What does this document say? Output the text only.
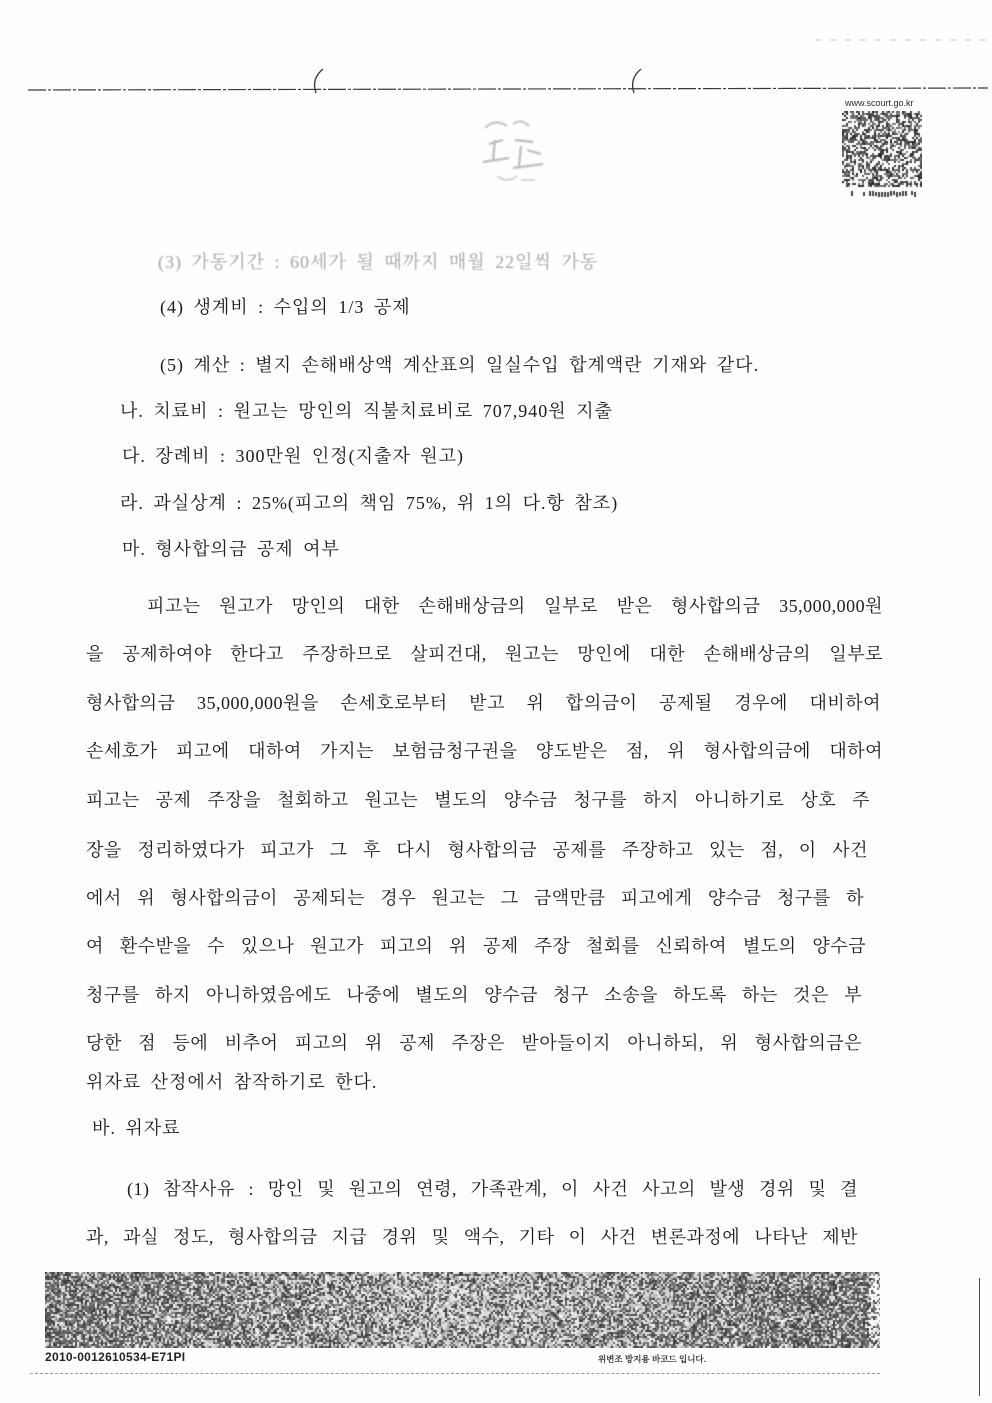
www.scourt.go.kr
(3) 가동기간 : 60세가 될 때까지 매월 22일씩 가동
(4) 생계비 : 수입의 1/3 공제
(5) 계산 : 별지 손해배상액 계산표의 일실수입 합계액란 기재와 같다.
나. 치료비 : 원고는 망인의 직불치료비로 707,940원 지출
다. 장례비 : 300만원 인정(지출자 원고)
라. 과실상계 : 25%(피고의 책임 75%, 위 1의 다.항 참조)
마. 형사합의금 공제 여부
피고는 원고가 망인의 대한 손해배상금의 일부로 받은 형사합의금 35,000,000원
을 공제하여야 한다고 주장하므로 살피건대, 원고는 망인에 대한 손해배상금의 일부로
형사합의금 35,000,000원을 손세호로부터 받고 위 합의금이 공제될 경우에 대비하여
손세호가 피고에 대하여 가지는 보험금청구권을 양도받은 점, 위 형사합의금에 대하여
피고는 공제 주장을 철회하고 원고는 별도의 양수금 청구를 하지 아니하기로 상호 주
장을 정리하였다가 피고가 그 후 다시 형사합의금 공제를 주장하고 있는 점, 이 사건
에서 위 형사합의금이 공제되는 경우 원고는 그 금액만큼 피고에게 양수금 청구를 하
여 환수받을 수 있으나 원고가 피고의 위 공제 주장 철회를 신뢰하여 별도의 양수금
청구를 하지 아니하였음에도 나중에 별도의 양수금 청구 소송을 하도록 하는 것은 부
당한 점 등에 비추어 피고의 위 공제 주장은 받아들이지 아니하되, 위 형사합의금은
위자료 산정에서 참작하기로 한다.
바. 위자료
(1) 참작사유 : 망인 및 원고의 연령, 가족관계, 이 사건 사고의 발생 경위 및 결
과, 과실 정도, 형사합의금 지급 경위 및 액수, 기타 이 사건 변론과정에 나타난 제반
2010-0012610534-E71PI	위변조 방지용 바코드 입니다.
